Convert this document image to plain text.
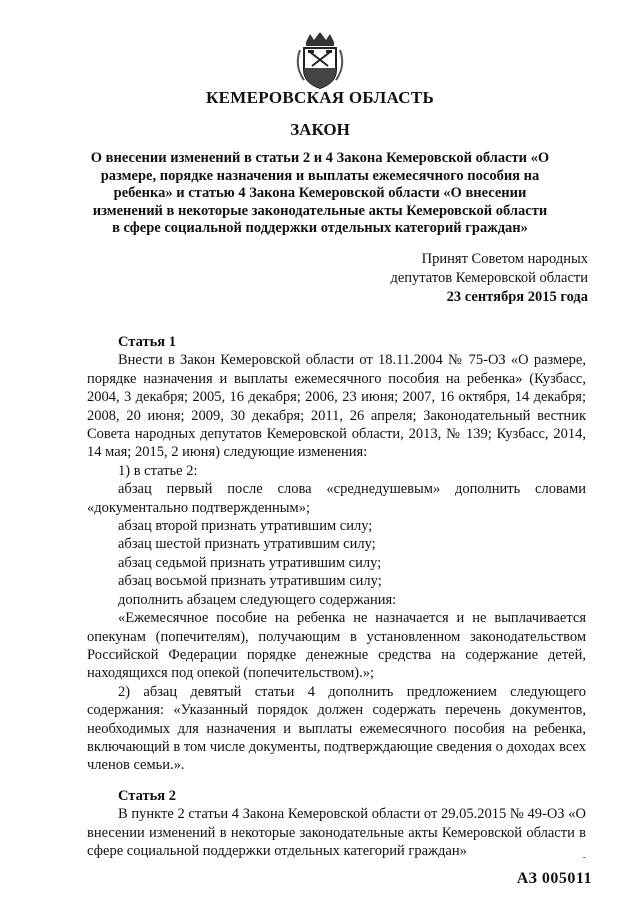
КЕМЕРОВСКАЯ ОБЛАСТЬ
ЗАКОН
О внесении изменений в статьи 2 и 4 Закона Кемеровской области «О размере, порядке назначения и выплаты ежемесячного пособия на ребенка» и статью 4 Закона Кемеровской области «О внесении изменений в некоторые законодательные акты Кемеровской области в сфере социальной поддержки отдельных категорий граждан»
Принят Советом народных
депутатов Кемеровской области
23 сентября 2015 года
Статья 1

Внести в Закон Кемеровской области от 18.11.2004 № 75-ОЗ «О размере, порядке назначения и выплаты ежемесячного пособия на ребенка» (Кузбасс, 2004, 3 декабря; 2005, 16 декабря; 2006, 23 июня; 2007, 16 октября, 14 декабря; 2008, 20 июня; 2009, 30 декабря; 2011, 26 апреля; Законодательный вестник Совета народных депутатов Кемеровской области, 2013, № 139; Кузбасс, 2014, 14 мая; 2015, 2 июня) следующие изменения:

1) в статье 2:

абзац первый после слова «среднедушевым» дополнить словами «документально подтвержденным»;

абзац второй признать утратившим силу;

абзац шестой признать утратившим силу;

абзац седьмой признать утратившим силу;

абзац восьмой признать утратившим силу;

дополнить абзацем следующего содержания:

«Ежемесячное пособие на ребенка не назначается и не выплачивается опекунам (попечителям), получающим в установленном законодательством Российской Федерации порядке денежные средства на содержание детей, находящихся под опекой (попечительством).»;

2) абзац девятый статьи 4 дополнить предложением следующего содержания: «Указанный порядок должен содержать перечень документов, необходимых для назначения и выплаты ежемесячного пособия на ребенка, включающий в том числе документы, подтверждающие сведения о доходах всех членов семьи.».

Статья 2

В пункте 2 статьи 4 Закона Кемеровской области от 29.05.2015 № 49-ОЗ «О внесении изменений в некоторые законодательные акты Кемеровской области в сфере социальной поддержки отдельных категорий граждан»

АЗ 005011
